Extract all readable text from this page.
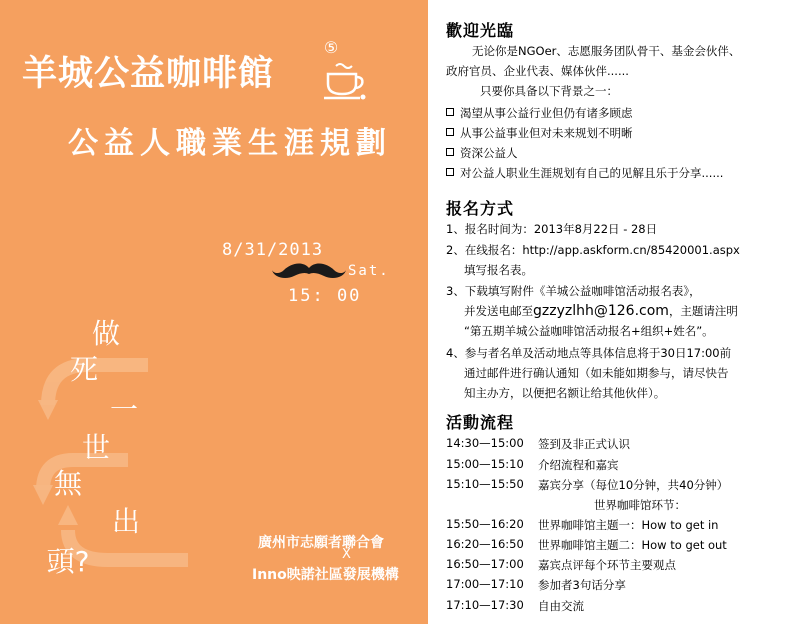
羊城公益咖啡館
⑤
公益人職業生涯規劃
8/31/2013
Sat.
15: 00
做
死
一
世
無
出
頭?
廣州市志願者聯合會
X
Inno映諾社區發展機構
歡迎光臨
无论你是NGOer、志愿服务团队骨干、基金会伙伴、
政府官员、企业代表、媒体伙伴......
只要你具备以下背景之一：
渴望从事公益行业但仍有诸多顾虑
从事公益事业但对未来规划不明晰
资深公益人
对公益人职业生涯规划有自己的见解且乐于分享......
报名方式
1、报名时间为：2013年8月22日 - 28日
2、在线报名：http://app.askform.cn/85420001.aspx
填写报名表。
3、下载填写附件《羊城公益咖啡馆活动报名表》，
并发送电邮至gzzyzlhh@126.com，主题请注明
“第五期羊城公益咖啡馆活动报名+组织+姓名”。
4、参与者名单及活动地点等具体信息将于30日17:00前
通过邮件进行确认通知（如未能如期参与，请尽快告
知主办方，以便把名额让给其他伙伴）。
活動流程
14:30—15:00	签到及非正式认识
15:00—15:10	介绍流程和嘉宾
15:10—15:50	嘉宾分享（每位10分钟，共40分钟）
世界咖啡馆环节：
15:50—16:20	世界咖啡馆主题一：How to get in
16:20—16:50	世界咖啡馆主题二：How to get out
16:50—17:00	嘉宾点评每个环节主要观点
17:00—17:10	参加者3句话分享
17:10—17:30	自由交流
